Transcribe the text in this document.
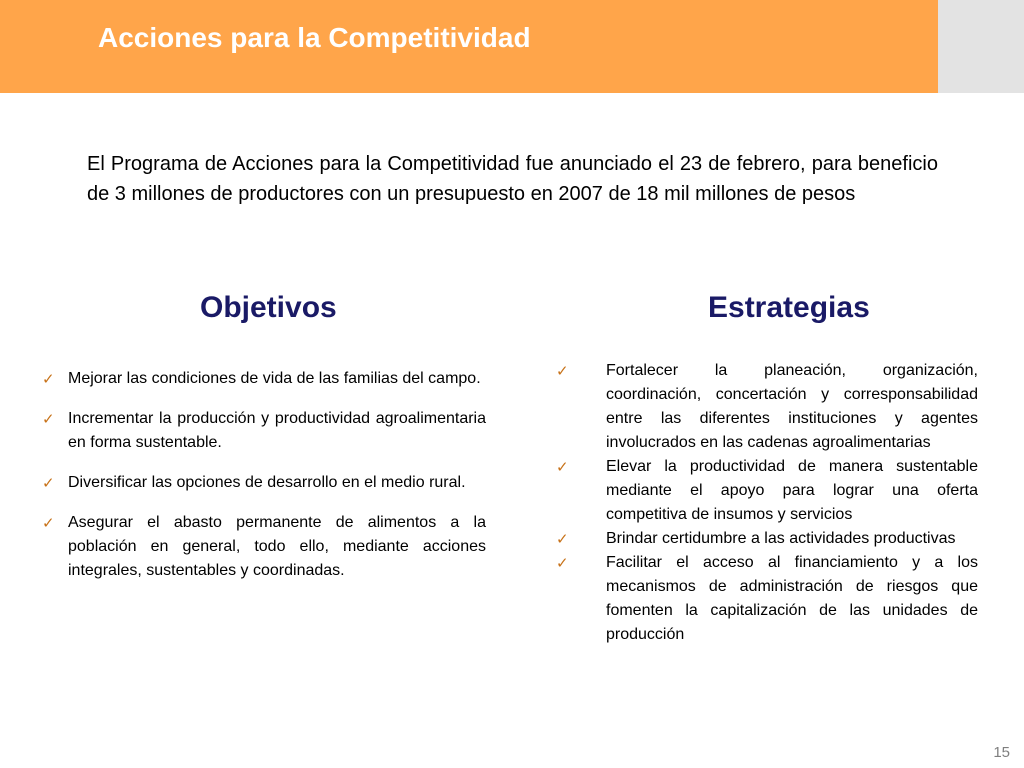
Acciones para la Competitividad

El Programa de Acciones para la Competitividad fue anunciado el 23 de febrero, para beneficio de 3 millones de productores con un presupuesto en 2007 de 18 mil millones de pesos

Objetivos	Estrategias
✓ Mejorar las condiciones de vida de las familias del campo.
✓ Incrementar la producción y productividad agroalimentaria en forma sustentable.
✓ Diversificar las opciones de desarrollo en el medio rural.
✓ Asegurar el abasto permanente de alimentos a la población en general, todo ello, mediante acciones integrales, sustentables y coordinadas.
✓ Fortalecer la planeación, organización, coordinación, concertación y corresponsabilidad entre las diferentes instituciones y agentes involucrados en las cadenas agroalimentarias
✓ Elevar la productividad de manera sustentable mediante el apoyo para lograr una oferta competitiva de insumos y servicios
✓ Brindar certidumbre a las actividades productivas
✓ Facilitar el acceso al financiamiento y a los mecanismos de administración de riesgos que fomenten la capitalización de las unidades de producción
15
